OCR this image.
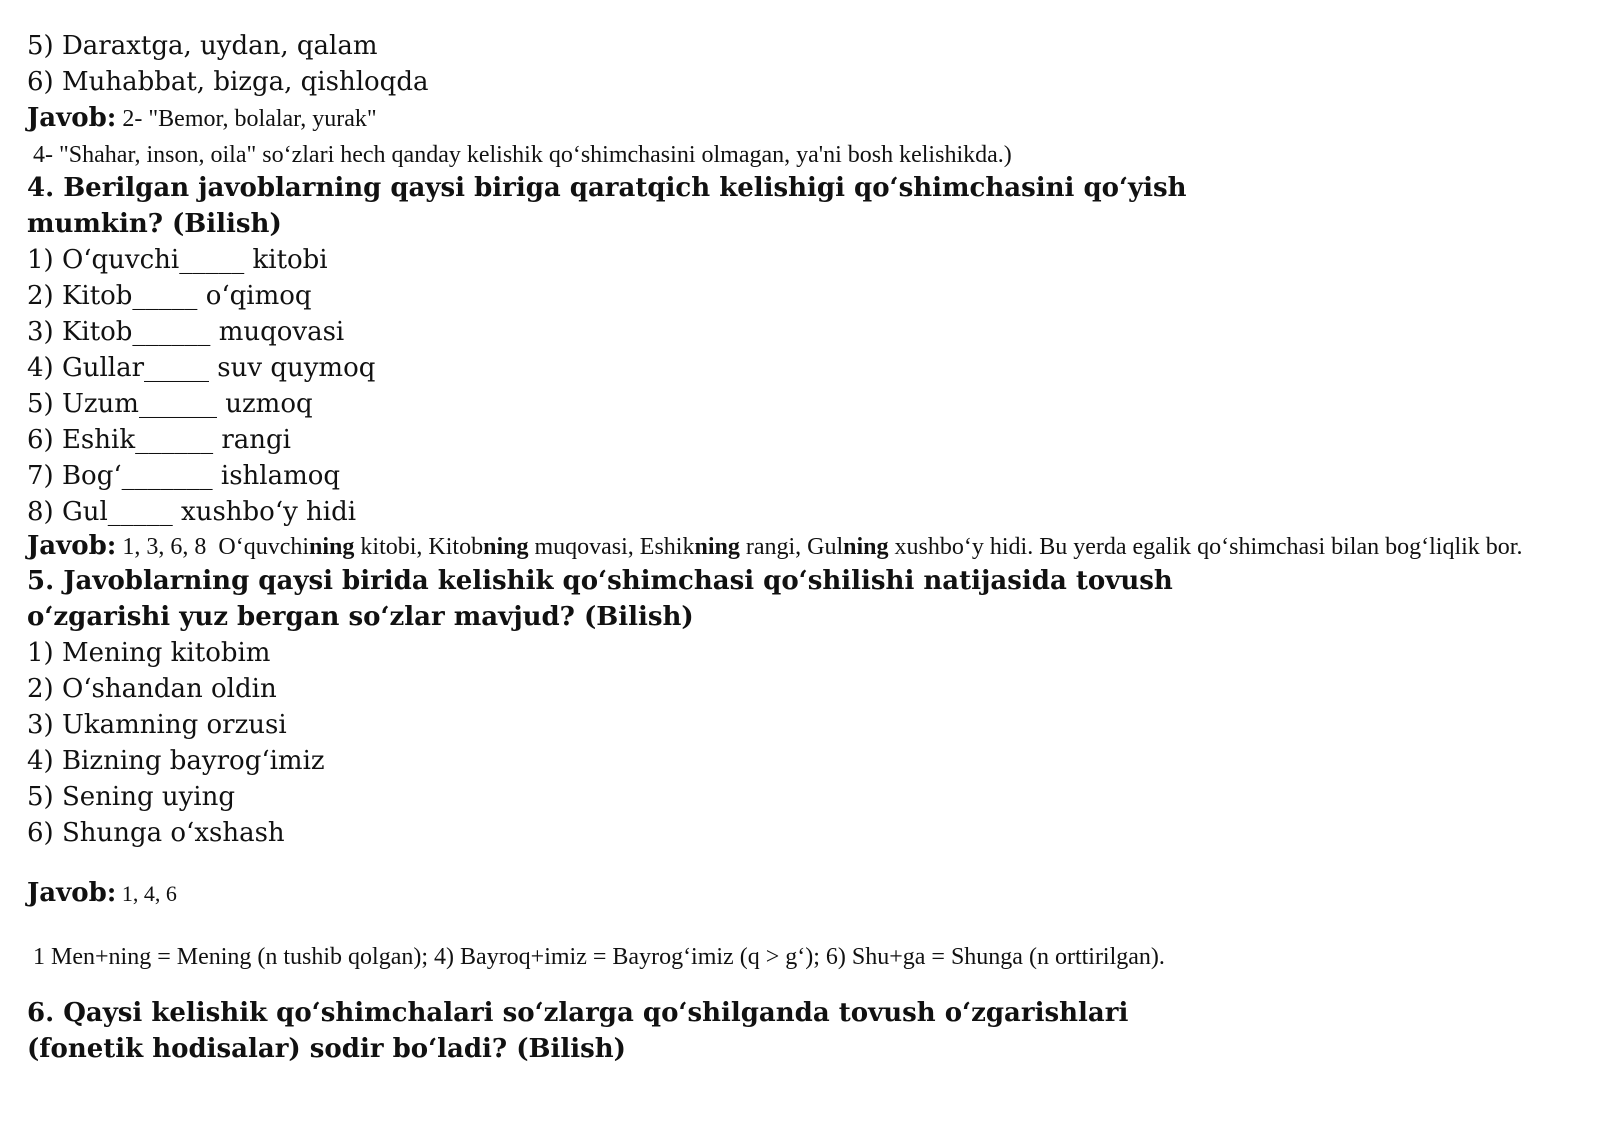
5) Daraxtga, uydan, qalam

6) Muhabbat, bizga, qishloqda

Javob: 2- "Bemor, bolalar, yurak"

4- "Shahar, inson, oila" so‘zlari hech qanday kelishik qo‘shimchasini olmagan, ya'ni bosh kelishikda.)

4. Berilgan javoblarning qaysi biriga qaratqich kelishigi qo‘shimchasini qo‘yish

mumkin? (Bilish)

1) O‘quvchi_____ kitobi

2) Kitob_____ o‘qimoq

3) Kitob______ muqovasi

4) Gullar_____ suv quymoq

5) Uzum______ uzmoq

6) Eshik______ rangi

7) Bog‘_______ ishlamoq

8) Gul_____ xushbo‘y hidi

Javob: 1, 3, 6, 8  O‘quvchining kitobi, Kitobning muqovasi, Eshikning rangi, Gulning xushbo‘y hidi. Bu yerda egalik qo‘shimchasi bilan bog‘liqlik bor.

5. Javoblarning qaysi birida kelishik qo‘shimchasi qo‘shilishi natijasida tovush

o‘zgarishi yuz bergan so‘zlar mavjud? (Bilish)

1) Mening kitobim

2) O‘shandan oldin

3) Ukamning orzusi

4) Bizning bayrog‘imiz

5) Sening uying

6) Shunga o‘xshash

Javob: 1, 4, 6

1 Men+ning = Mening (n tushib qolgan); 4) Bayroq+imiz = Bayrog‘imiz (q > g‘); 6) Shu+ga = Shunga (n orttirilgan).

6. Qaysi kelishik qo‘shimchalari so‘zlarga qo‘shilganda tovush o‘zgarishlari

(fonetik hodisalar) sodir bo‘ladi? (Bilish)
